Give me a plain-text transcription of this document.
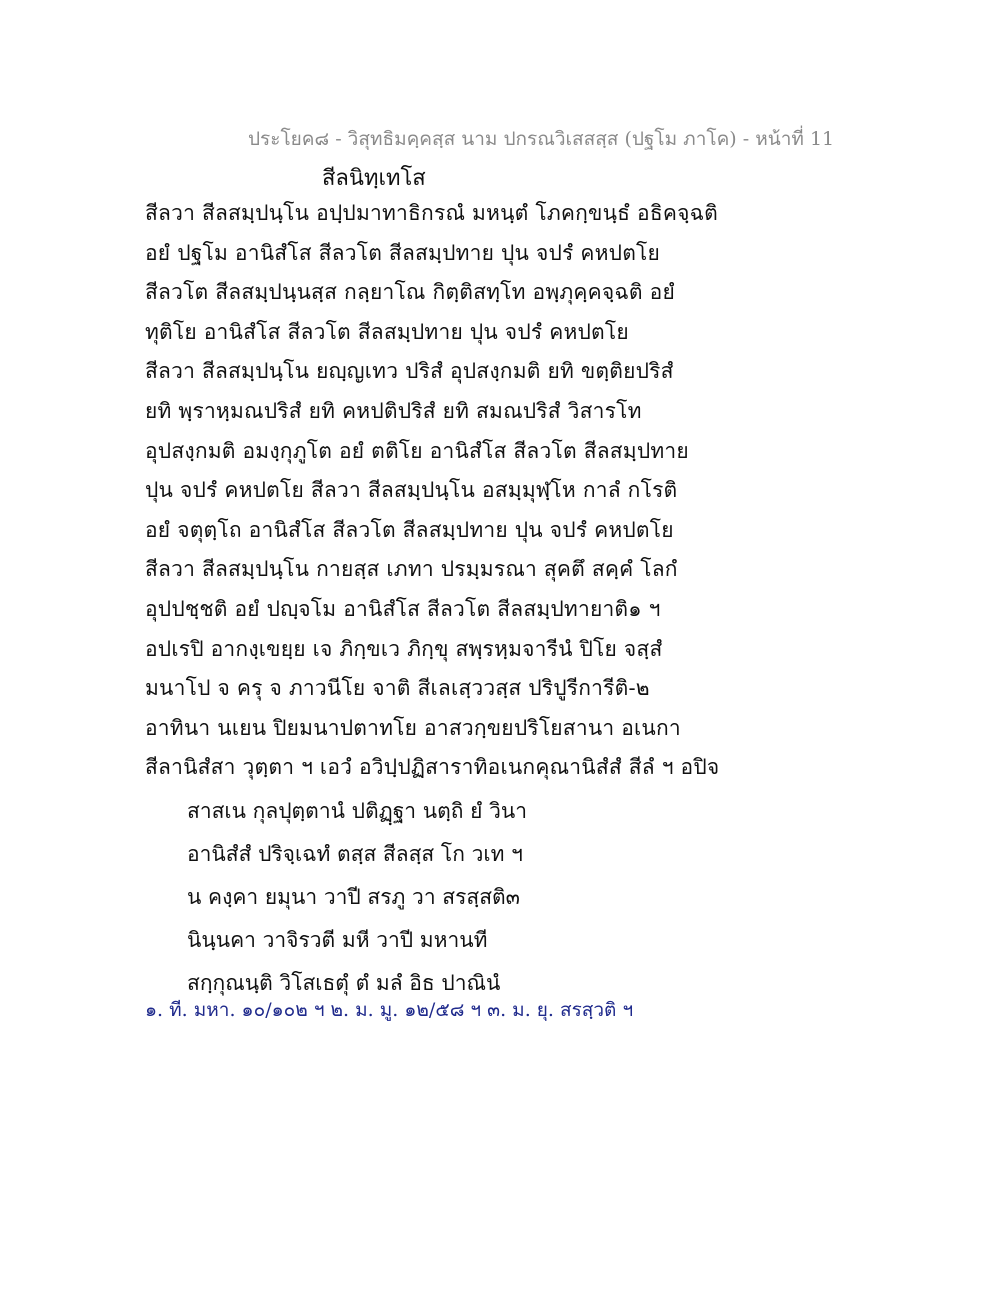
ประโยค๘ - วิสุทธิมคฺคสฺส นาม ปกรณวิเสสสฺส (ปฐโม ภาโค) - หน้าที่ 11
สีลนิทฺเทโส
สีลวา สีลสมฺปนฺโน อปฺปมาทาธิกรณํ มหนฺตํ โภคกฺขนฺธํ อธิคจฺฉติ
อยํ ปฐโม อานิสํโส สีลวโต สีลสมฺปทาย ปุน จปรํ คหปตโย
สีลวโต สีลสมฺปนฺนสฺส กลฺยาโณ กิตฺติสทฺโท อพฺภุคฺคจฺฉติ อยํ
ทุติโย อานิสํโส สีลวโต สีลสมฺปทาย ปุน จปรํ คหปตโย
สีลวา สีลสมฺปนฺโน ยญฺญเทว ปริสํ อุปสงฺกมติ ยทิ ขตฺติยปริสํ
ยทิ พฺราหฺมณปริสํ ยทิ คหปติปริสํ ยทิ สมณปริสํ วิสารโท
อุปสงฺกมติ อมงฺกุภูโต อยํ ตติโย อานิสํโส สีลวโต สีลสมฺปทาย
ปุน จปรํ คหปตโย สีลวา สีลสมฺปนฺโน อสมฺมุฬฺโห กาลํ กโรติ
อยํ จตุตฺโถ อานิสํโส สีลวโต สีลสมฺปทาย ปุน จปรํ คหปตโย
สีลวา สีลสมฺปนฺโน กายสฺส เภทา ปรมฺมรณา สุคตึ สคฺคํ โลกํ
อุปปชฺชติ อยํ ปญฺจโม อานิสํโส สีลวโต สีลสมฺปทายาติ๑ ฯ
อปเรปิ อากงฺเขยฺย เจ ภิกฺขเว ภิกฺขุ สพฺรหฺมจารีนํ ปิโย จสฺสํ
มนาโป จ ครุ จ ภาวนีโย จาติ สีเลเสฺววสฺส ปริปูรีการีติ-๒
อาทินา นเยน ปิยมนาปตาทโย อาสวกฺขยปริโยสานา อเนกา
สีลานิสํสา วุตฺตา ฯ เอวํ อวิปฺปฏิสาราทิอเนกคุณานิสํสํ สีลํ ฯ อปิจ
สาสเน กุลปุตฺตานํ ปติฏฺฐา นตฺถิ ยํ วินา
อานิสํสํ ปริจฺเฉทํ ตสฺส สีลสฺส โก วเท ฯ
น คงฺคา ยมุนา วาปี สรภู วา สรสฺสติ๓
นินฺนคา วาจิรวตี มหี วาปี มหานที
สกฺกุณนฺติ วิโสเธตุํ ตํ มลํ อิธ ปาณินํ
๑. ที. มหา. ๑๐/๑๐๒ ฯ ๒. ม. มู. ๑๒/๕๘ ฯ ๓. ม. ยุ. สรสฺวติ ฯ
